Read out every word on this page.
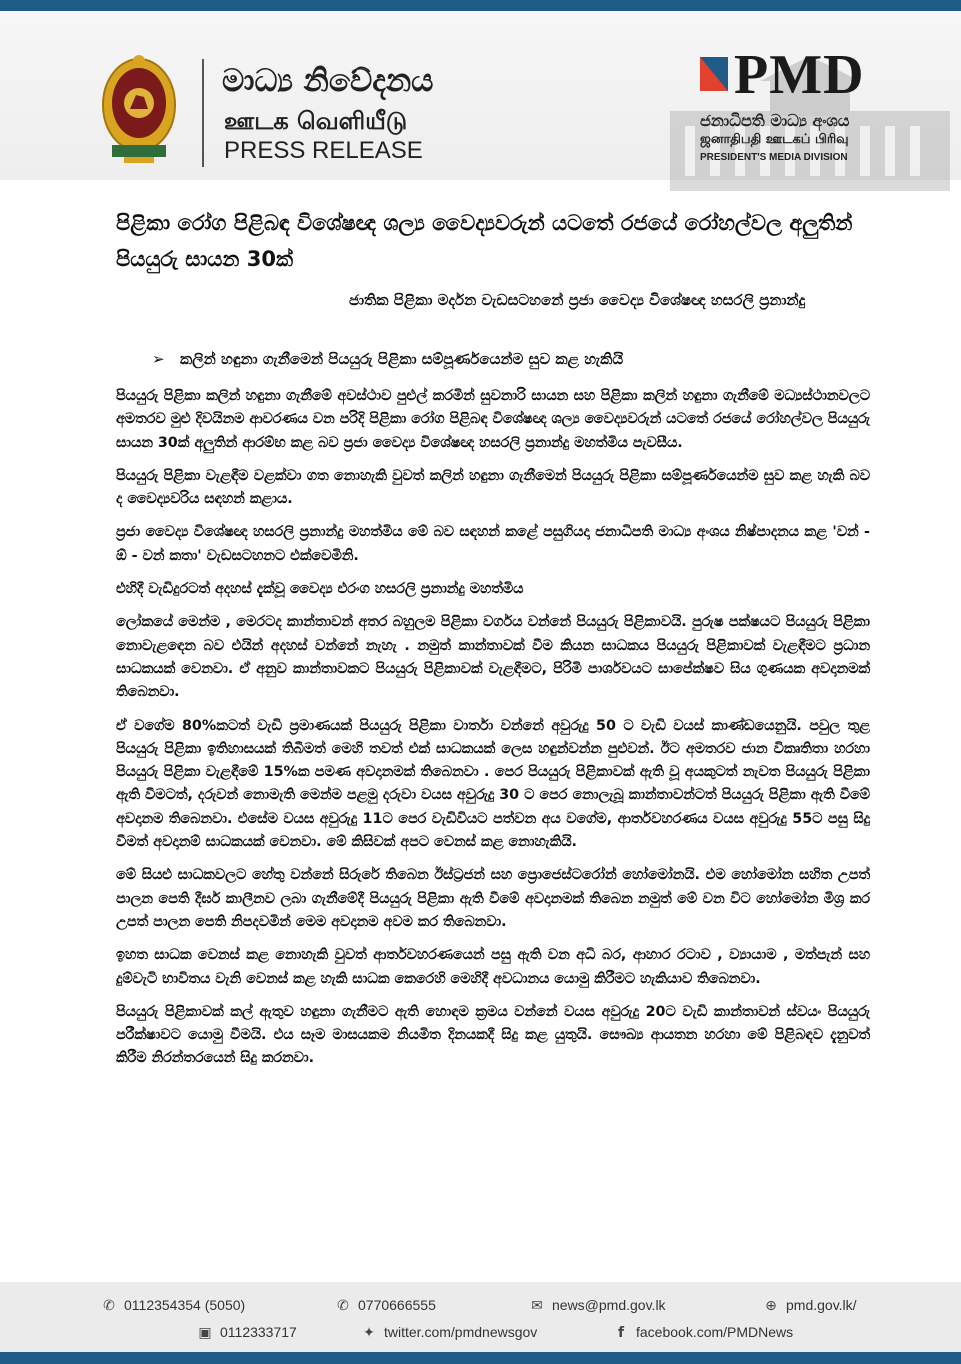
මාධ්‍ය නිවේදනය
ஊடக வெளியீடு
PRESS RELEASE
PMD
ජනාධිපති මාධ්‍ය අංශය
ஜனாதிபதி ஊடகப் பிரிவு
PRESIDENT'S MEDIA DIVISION
පිළිකා රෝග පිළිබඳ විශේෂඥ ශල්‍ය වෛද්‍යවරුන් යටතේ රජයේ රෝහල්වල අලුතින් පියයුරු සායන 30ක්
ජාතික පිළිකා මර්දන වැඩසටහනේ ප්‍රජා වෛද්‍ය විශේෂඥ හසරලි ප්‍රනාන්දු
➢ කලින් හඳුනා ගැනීමෙන් පියයුරු පිළිකා සම්පූර්ණයෙන්ම සුව කළ හැකියි

පියයුරු පිළිකා කලින් හඳුනා ගැනීමේ අවස්ථාව පුළුල් කරමින් සුවනාරි සායන සහ පිළිකා කලින් හඳුනා ගැනීමේ මධ්‍යස්ථානවලට අමතරව මුළු දිවයිනම ආවරණය වන පරිදි පිළිකා රෝග පිළිබඳ විශේෂඥ ශල්‍ය වෛද්‍යවරුන් යටතේ රජයේ රෝහල්වල පියයුරු සායන 30ක් අලුතින් ආරම්භ කළ බව ප්‍රජා වෛද්‍ය විශේෂඥ හසරලි ප්‍රනාන්දු මහත්මිය පැවසීය.

පියයුරු පිළිකා වැළඳීම වළක්වා ගත නොහැකි වුවත් කලින් හඳුනා ගැනීමෙන් පියයුරු පිළිකා සම්පූර්ණයෙන්ම සුව කළ හැකි බව ද වෛද්‍යවරිය සඳහන් කළාය.

ප්‍රජා වෛද්‍ය විශේෂඥ හසරලි ප්‍රනාන්දු මහත්මිය මේ බව සඳහන් කළේ පසුගියදා ජනාධිපති මාධ්‍ය අංශය නිෂ්පාදනය කළ 'වන් - ඕ - වන් කතා' වැඩසටහනට එක්වෙමිනි.

එහිදී වැඩිදුරටත් අදහස් දැක්වූ වෛද්‍ය එරංග හසරලි ප්‍රනාන්දු මහත්මිය

ලෝකයේ මෙන්ම , මෙරටද කාන්තාවන් අතර බහුලම පිළිකා වර්ගය වන්නේ පියයුරු පිළිකාවයි. පුරුෂ පක්ෂයට පියයුරු පිළිකා නොවැළඳෙන බව එයින් අදහස් වන්නේ නැහැ . නමුත් කාන්තාවක් වීම කියන සාධකය පියයුරු පිළිකාවක් වැළඳීමට ප්‍රධාන සාධකයක් වෙනවා. ඒ අනුව කාන්තාවකට පියයුරු පිළිකාවක් වැළඳීමට, පිරිමි පාර්ශවයට සාපේක්ෂව සිය ගුණයක අවදානමක් තිබෙනවා.

ඒ වගේම 80%කටත් වැඩි ප්‍රමාණයක් පියයුරු පිළිකා වාර්තා වන්නේ අවුරුදු 50 ට වැඩි වයස් කාණ්ඩයෙනුයි. පවුල තුළ පියයුරු පිළිකා ඉතිහාසයක් තිබීමත් මෙහි තවත් එක් සාධකයක් ලෙස හඳුන්වන්න පුළුවන්. ඊට අමතරව ජාන විකෘතිතා හරහා පියයුරු පිළිකා වැළඳීමේ 15%ක පමණ අවදානමක් තිබෙනවා . පෙර පියයුරු පිළිකාවක් ඇති වූ අයකුටත් නැවත පියයුරු පිළිකා ඇති වීමටත්, දරුවන් නොමැති මෙන්ම පළමු දරුවා වයස අවුරුදු 30 ට පෙර නොලැබූ කාන්තාවන්ටත් පියයුරු පිළිකා ඇති වීමේ අවදානම තිබෙනවා. එසේම වයස අවුරුදු 11ට පෙර වැඩිවියට පත්වන අය වගේම, ආර්තවහරණය වයස අවුරුදු 55ට පසු සිදු වීමත් අවදානම් සාධකයක් වෙනවා. මේ කිසිවක් අපට වෙනස් කළ නොහැකියි.

මේ සියළු සාධකවලට හේතු වන්නේ සිරුරේ තිබෙන ඊස්ට්‍රජන් සහ ප්‍රොජෙස්ටරෝන් හෝමෝනයි. එම හෝමෝන සහිත උපත් පාලන පෙති දීර්ඝ කාලීනව ලබා ගැනීමේදී පියයුරු පිළිකා ඇති වීමේ අවදානමක් තිබෙන නමුත් මේ වන විට හෝමෝන මිශ්‍ර කර උපත් පාලන පෙති නිපදවමින් මෙම අවදානම අවම කර තිබෙනවා.

ඉහත සාධක වෙනස් කළ නොහැකි වුවත් ආර්තවහරණයෙන් පසු ඇති වන අධි බර, ආහාර රටාව , ව්‍යායාම , මත්පැන් සහ දුම්වැටි භාවිතය වැනි වෙනස් කළ හැකි සාධක කෙරෙහි මෙහිදී අවධානය යොමු කිරීමට හැකියාව තිබෙනවා.

පියයුරු පිළිකාවක් කල් ඇතුව හඳුනා ගැනීමට ඇති හොඳම ක්‍රමය වන්නේ වයස අවුරුදු 20ට වැඩි කාන්තාවන් ස්වයං පියයුරු පරීක්ෂාවට යොමු වීමයි. එය සෑම මාසයකම නියමිත දිනයකදී සිදු කළ යුතුයි. සෞඛ්‍ය ආයතන හරහා මේ පිළිබඳව දැනුවත් කිරීම නිරන්තරයෙන් සිදු කරනවා.

✆ 0112354354 (5050)	✆ 0770666555	✉ news@pmd.gov.lk	⊕ pmd.gov.lk/
▣ 0112333717	✦ twitter.com/pmdnewsgov	f facebook.com/PMDNews
